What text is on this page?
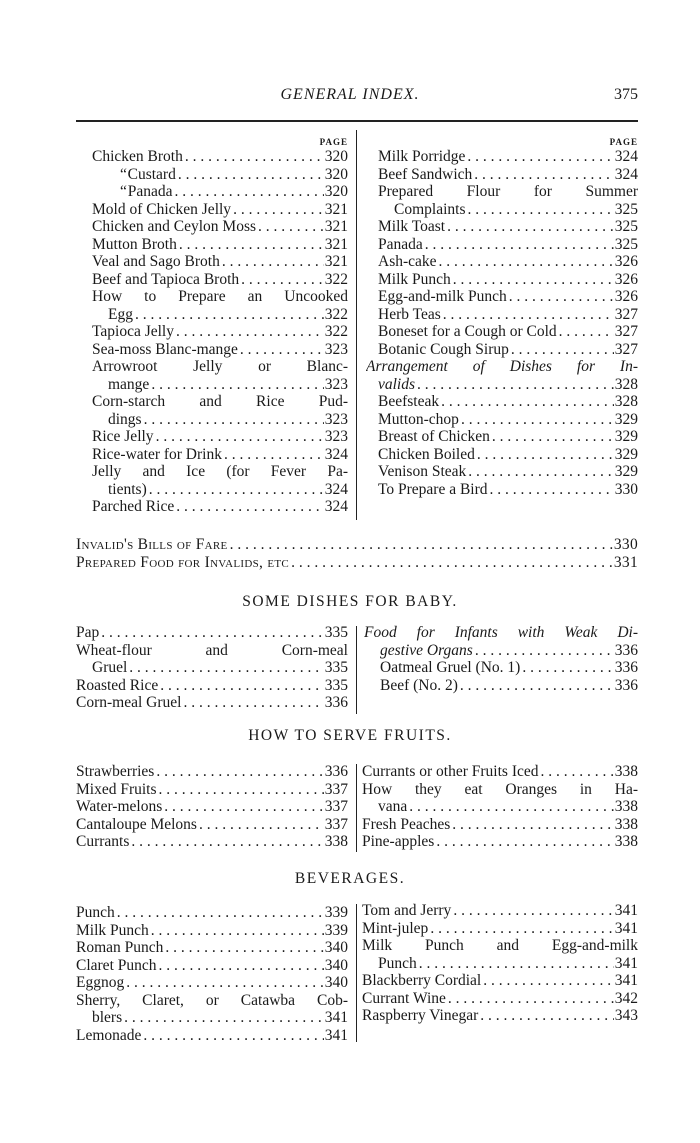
GENERAL INDEX.	375
PAGE
Chicken Broth . . .	320
“ Custard . . .	320
“ Panada . . .	320
Mold of Chicken Jelly . . .	321
Chicken and Ceylon Moss . . .	321
Mutton Broth . . .	321
Veal and Sago Broth . . .	321
Beef and Tapioca Broth . . .	322
How to Prepare an Uncooked
Egg . . .	322
Tapioca Jelly . . .	322
Sea-moss Blanc-mange . . .	323
Arrowroot Jelly or Blanc-
mange . . .	323
Corn-starch and Rice Pud-
dings . . .	323
Rice Jelly . . .	323
Rice-water for Drink . . .	324
Jelly and Ice (for Fever Pa-
tients) . . .	324
Parched Rice . . .	324
PAGE
Milk Porridge . . .	324
Beef Sandwich . . .	324
Prepared Flour for Summer
Complaints . . .	325
Milk Toast . . .	325
Panada . . .	325
Ash-cake . . .	326
Milk Punch . . .	326
Egg-and-milk Punch . . .	326
Herb Teas . . .	327
Boneset for a Cough or Cold . . .	327
Botanic Cough Sirup . . .	327
Arrangement of Dishes for In-
valids . . .	328
Beefsteak . . .	328
Mutton-chop . . .	329
Breast of Chicken . . .	329
Chicken Boiled . . .	329
Venison Steak . . .	329
To Prepare a Bird . . .	330
Invalid's Bills of Fare . . .	330
Prepared Food for Invalids, etc . . .	331
SOME DISHES FOR BABY.
Pap . . .	335
Wheat-flour and Corn-meal
Gruel . . .	335
Roasted Rice . . .	335
Corn-meal Gruel . . .	336
Food for Infants with Weak Di-
gestive Organs . . .	336
Oatmeal Gruel (No. 1) . . .	336
Beef (No. 2) . . .	336
HOW TO SERVE FRUITS.
Strawberries . . .	336
Mixed Fruits . . .	337
Water-melons . . .	337
Cantaloupe Melons . . .	337
Currants . . .	338
Currants or other Fruits Iced . . .	338
How they eat Oranges in Ha-
vana . . .	338
Fresh Peaches . . .	338
Pine-apples . . .	338
BEVERAGES.
Punch . . .	339
Milk Punch . . .	339
Roman Punch . . .	340
Claret Punch . . .	340
Eggnog . . .	340
Sherry, Claret, or Catawba Cob-
blers . . .	341
Lemonade . . .	341
Tom and Jerry . . .	341
Mint-julep . . .	341
Milk Punch and Egg-and-milk
Punch . . .	341
Blackberry Cordial . . .	341
Currant Wine . . .	342
Raspberry Vinegar . . .	343
